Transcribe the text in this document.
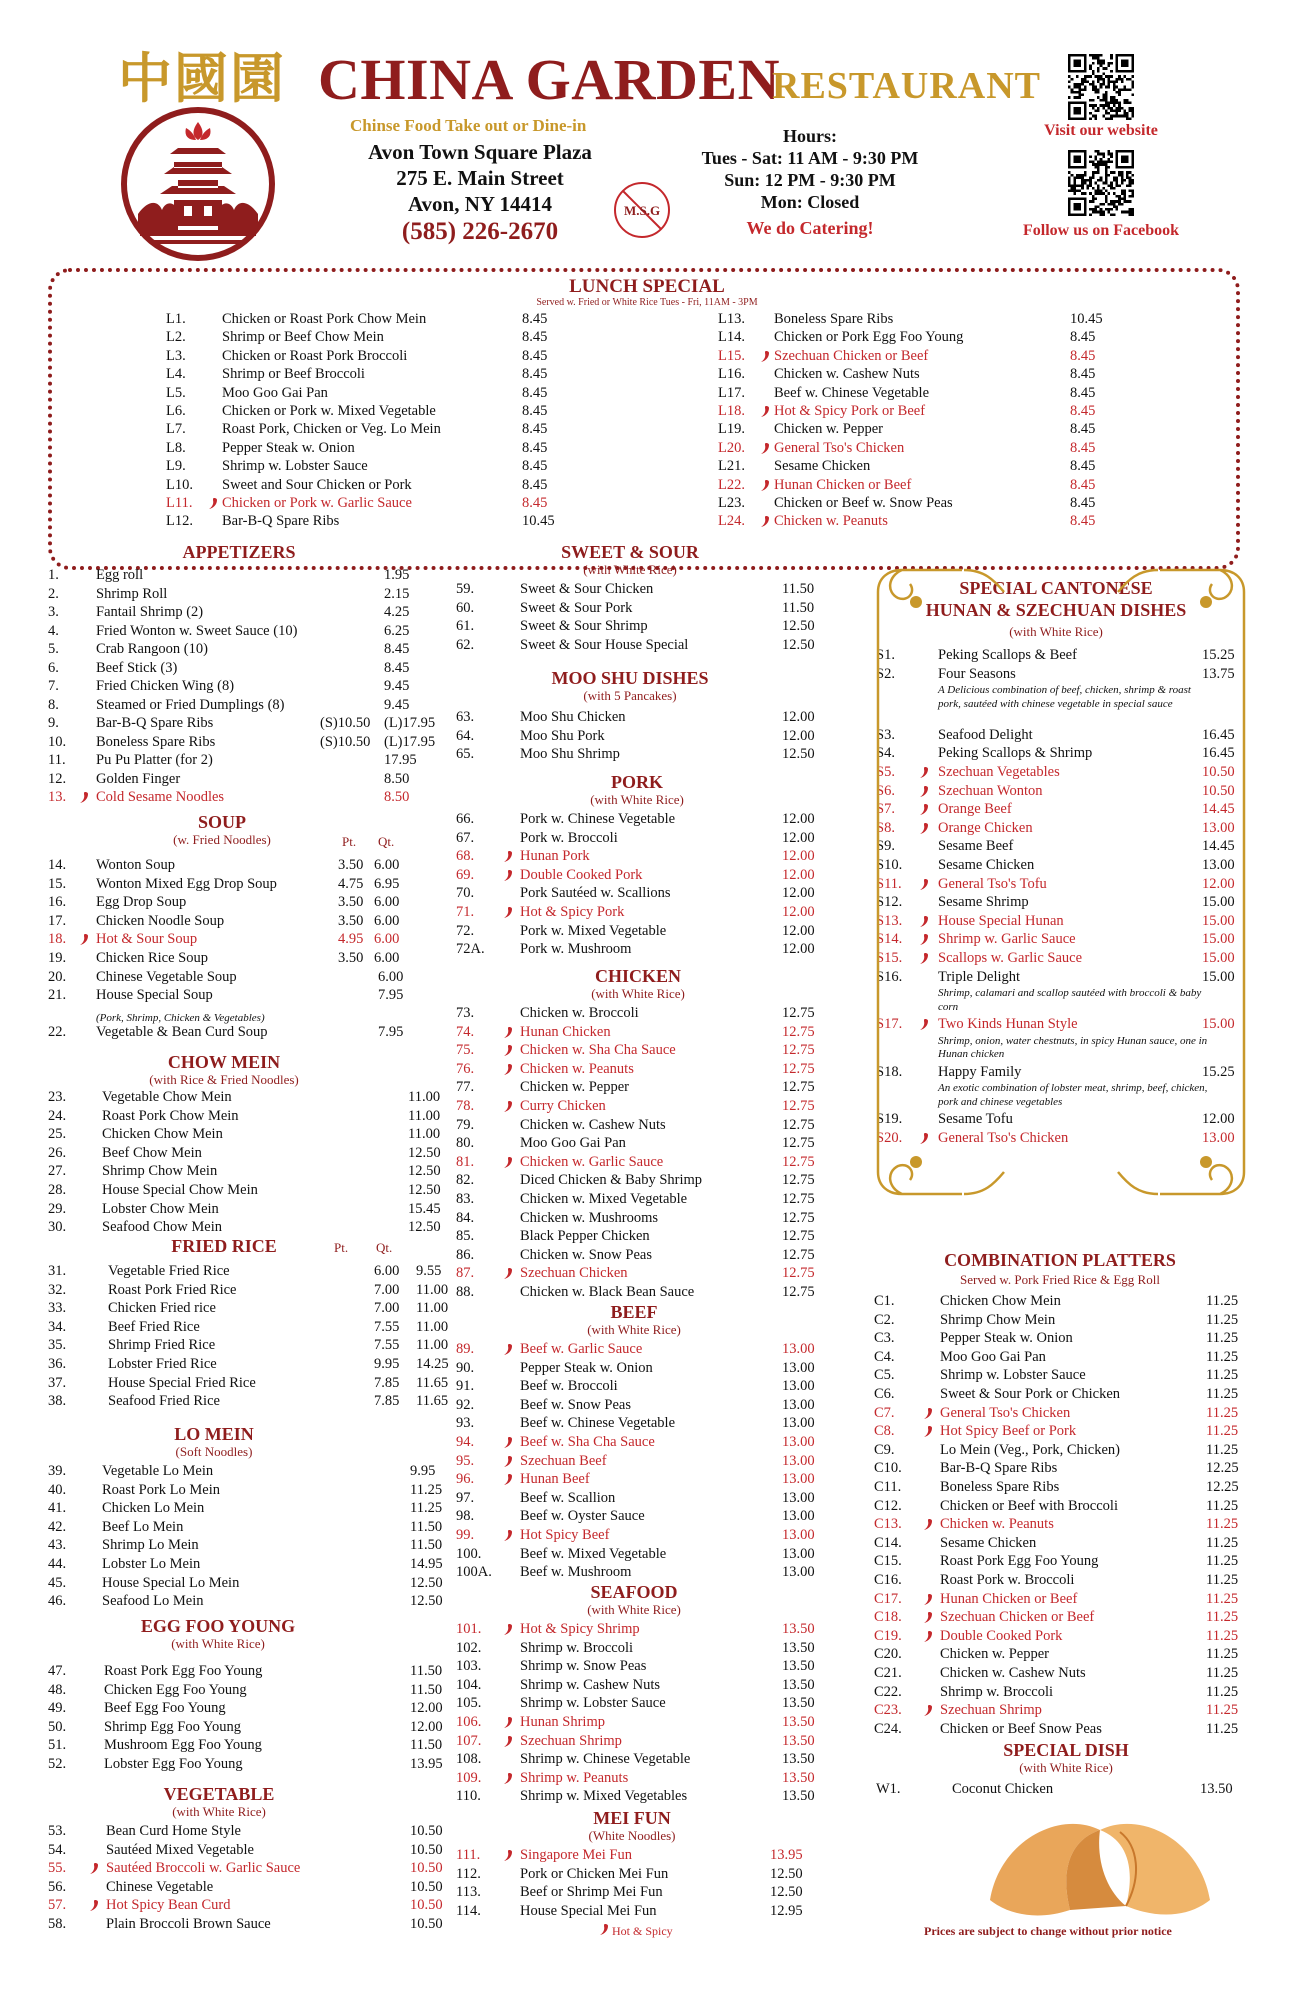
中國園 CHINA GARDEN
RESTAURANT
Chinse Food Take out or Dine-in
Avon Town Square Plaza
275 E. Main Street
Avon, NY 14414
(585) 226-2670
M.S.G
Hours:
Tues - Sat: 11 AM - 9:30 PM
Sun: 12 PM - 9:30 PM
Mon: Closed
We do Catering!
Visit our website
Follow us on Facebook
LUNCH SPECIAL
Served w. Fried or White Rice Tues - Fri, 11AM - 3PM
L1.	Chicken or Roast Pork Chow Mein	8.45
L2.	Shrimp or Beef Chow Mein	8.45
L3.	Chicken or Roast Pork Broccoli	8.45
L4.	Shrimp or Beef Broccoli	8.45
L5.	Moo Goo Gai Pan	8.45
L6.	Chicken or Pork w. Mixed Vegetable	8.45
L7.	Roast Pork, Chicken or Veg. Lo Mein	8.45
L8.	Pepper Steak w. Onion	8.45
L9.	Shrimp w. Lobster Sauce	8.45
L10. Sweet and Sour Chicken or Pork	8.45
L11. Chicken or Pork w. Garlic Sauce	8.45
L12. Bar-B-Q Spare Ribs	10.45
L13. Boneless Spare Ribs	10.45
L14. Chicken or Pork Egg Foo Young	8.45
L15. Szechuan Chicken or Beef	8.45
L16. Chicken w. Cashew Nuts	8.45
L17. Beef w. Chinese Vegetable	8.45
L18. Hot & Spicy Pork or Beef	8.45
L19. Chicken w. Pepper	8.45
L20. General Tso's Chicken	8.45
L21. Sesame Chicken	8.45
L22. Hunan Chicken or Beef	8.45
L23. Chicken or Beef w. Snow Peas	8.45
L24. Chicken w. Peanuts	8.45
APPETIZERS
1.	Egg roll	1.95
2.	Shrimp Roll	2.15
3.	Fantail Shrimp (2)	4.25
4.	Fried Wonton w. Sweet Sauce (10)	6.25
5.	Crab Rangoon (10)	8.45
6.	Beef Stick (3)	8.45
7.	Fried Chicken Wing (8)	9.45
8.	Steamed or Fried Dumplings (8)	9.45
9.	Bar-B-Q Spare Ribs	(S)10.50 (L)17.95
10. Boneless Spare Ribs	(S)10.50 (L)17.95
11. Pu Pu Platter (for 2)	17.95
12. Golden Finger	8.50
13. Cold Sesame Noodles	8.50
SOUP
(w. Fried Noodles)	Pt. Qt.
14. Wonton Soup	3.50 6.00
15. Wonton Mixed Egg Drop Soup	4.75 6.95
16. Egg Drop Soup	3.50 6.00
17. Chicken Noodle Soup	3.50 6.00
18. Hot & Sour Soup	4.95 6.00
19. Chicken Rice Soup	3.50 6.00
20. Chinese Vegetable Soup	6.00
21. House Special Soup	7.95
22. Vegetable & Bean Curd Soup	7.95
(Pork, Shrimp, Chicken & Vegetables)
CHOW MEIN
(with Rice & Fried Noodles)
23. Vegetable Chow Mein	11.00
24. Roast Pork Chow Mein	11.00
25. Chicken Chow Mein	11.00
26. Beef Chow Mein	12.50
27. Shrimp Chow Mein	12.50
28. House Special Chow Mein	12.50
29. Lobster Chow Mein	15.45
30. Seafood Chow Mein	12.50
FRIED RICE	Pt. Qt.
31.	Vegetable Fried Rice	6.00 9.55
32.	Roast Pork Fried Rice	7.00 11.00
33.	Chicken Fried rice	7.00 11.00
34.	Beef Fried Rice	7.55 11.00
35.	Shrimp Fried Rice	7.55 11.00
36.	Lobster Fried Rice	9.95 14.25
37.	House Special Fried Rice	7.85 11.65
38.	Seafood Fried Rice	7.85 11.65
LO MEIN
(Soft Noodles)
39. Vegetable Lo Mein	9.95
40. Roast Pork Lo Mein	11.25
41. Chicken Lo Mein	11.25
42. Beef Lo Mein	11.50
43. Shrimp Lo Mein	11.50
44. Lobster Lo Mein	14.95
45. House Special Lo Mein	12.50
46. Seafood Lo Mein	12.50
EGG FOO YOUNG
(with White Rice)
47.	Roast Pork Egg Foo Young	11.50
48.	Chicken Egg Foo Young	11.50
49.	Beef Egg Foo Young	12.00
50.	Shrimp Egg Foo Young	12.00
51.	Mushroom Egg Foo Young	11.50
52.	Lobster Egg Foo Young	13.95
VEGETABLE
(with White Rice)
53.	Bean Curd Home Style	10.50
54.	Sautéed Mixed Vegetable	10.50
55.	Sautéed Broccoli w. Garlic Sauce	10.50
56.	Chinese Vegetable	10.50
57.	Hot Spicy Bean Curd	10.50
58.	Plain Broccoli Brown Sauce	10.50
SWEET & SOUR
(with White Rice)
59.	Sweet & Sour Chicken	11.50
60.	Sweet & Sour Pork	11.50
61.	Sweet & Sour Shrimp	12.50
62.	Sweet & Sour House Special	12.50
MOO SHU DISHES
(with 5 Pancakes)
63.	Moo Shu Chicken	12.00
64.	Moo Shu Pork	12.00
65.	Moo Shu Shrimp	12.50
PORK
(with White Rice)
66.	Pork w. Chinese Vegetable	12.00
67.	Pork w. Broccoli	12.00
68.	Hunan Pork	12.00
69.	Double Cooked Pork	12.00
70.	Pork Sautéed w. Scallions	12.00
71.	Hot & Spicy Pork	12.00
72.	Pork w. Mixed Vegetable	12.00
72A. Pork w. Mushroom	12.00
CHICKEN
(with White Rice)
73.	Chicken w. Broccoli	12.75
74.	Hunan Chicken	12.75
75.	Chicken w. Sha Cha Sauce	12.75
76.	Chicken w. Peanuts	12.75
77.	Chicken w. Pepper	12.75
78.	Curry Chicken	12.75
79.	Chicken w. Cashew Nuts	12.75
80.	Moo Goo Gai Pan	12.75
81.	Chicken w. Garlic Sauce	12.75
82.	Diced Chicken & Baby Shrimp	12.75
83.	Chicken w. Mixed Vegetable	12.75
84.	Chicken w. Mushrooms	12.75
85.	Black Pepper Chicken	12.75
86.	Chicken w. Snow Peas	12.75
87.	Szechuan Chicken	12.75
88.	Chicken w. Black Bean Sauce	12.75
BEEF
(with White Rice)
89.	Beef w. Garlic Sauce	13.00
90.	Pepper Steak w. Onion	13.00
91.	Beef w. Broccoli	13.00
92.	Beef w. Snow Peas	13.00
93.	Beef w. Chinese Vegetable	13.00
94.	Beef w. Sha Cha Sauce	13.00
95.	Szechuan Beef	13.00
96.	Hunan Beef	13.00
97.	Beef w. Scallion	13.00
98.	Beef w. Oyster Sauce	13.00
99.	Hot Spicy Beef	13.00
100.	Beef w. Mixed Vegetable	13.00
100A. Beef w. Mushroom	13.00
SEAFOOD
(with White Rice)
101.	Hot & Spicy Shrimp	13.50
102.	Shrimp w. Broccoli	13.50
103.	Shrimp w. Snow Peas	13.50
104.	Shrimp w. Cashew Nuts	13.50
105.	Shrimp w. Lobster Sauce	13.50
106.	Hunan Shrimp	13.50
107.	Szechuan Shrimp	13.50
108.	Shrimp w. Chinese Vegetable	13.50
109.	Shrimp w. Peanuts	13.50
110.	Shrimp w. Mixed Vegetables	13.50
MEI FUN
(White Noodles)
111.	Singapore Mei Fun	13.95
112.	Pork or Chicken Mei Fun	12.50
113.	Beef or Shrimp Mei Fun	12.50
114.	House Special Mei Fun	12.95
SPECIAL CANTONESE
HUNAN & SZECHUAN DISHES
(with White Rice)
S1.	Peking Scallops & Beef	15.25
S2.	Four Seasons	13.75
A Delicious combination of beef, chicken, shrimp & roast pork, sautéed with chinese vegetable in special sauce
S3.	Seafood Delight	16.45
S4.	Peking Scallops & Shrimp	16.45
S5.	Szechuan Vegetables	10.50
S6.	Szechuan Wonton	10.50
S7.	Orange Beef	14.45
S8.	Orange Chicken	13.00
S9.	Sesame Beef	14.45
S10. Sesame Chicken	13.00
S11.	General Tso's Tofu	12.00
S12. Sesame Shrimp	15.00
S13. House Special Hunan	15.00
S14. Shrimp w. Garlic Sauce	15.00
S15. Scallops w. Garlic Sauce	15.00
S16. Triple Delight	15.00
Shrimp, calamari and scallop sautéed with broccoli & baby corn
S17. Two Kinds Hunan Style	15.00
Shrimp, onion, water chestnuts, in spicy Hunan sauce, one in Hunan chicken
S18. Happy Family	15.25
An exotic combination of lobster meat, shrimp, beef, chicken, pork and chinese vegetables
S19. Sesame Tofu	12.00
S20. General Tso's Chicken	13.00
COMBINATION PLATTERS
Served w. Pork Fried Rice & Egg Roll
C1.	Chicken Chow Mein	11.25
C2.	Shrimp Chow Mein	11.25
C3.	Pepper Steak w. Onion	11.25
C4.	Moo Goo Gai Pan	11.25
C5.	Shrimp w. Lobster Sauce	11.25
C6.	Sweet & Sour Pork or Chicken	11.25
C7.	General Tso's Chicken	11.25
C8.	Hot Spicy Beef or Pork	11.25
C9.	Lo Mein (Veg., Pork, Chicken)	11.25
C10.	Bar-B-Q Spare Ribs	12.25
C11.	Boneless Spare Ribs	12.25
C12.	Chicken or Beef with Broccoli	11.25
C13.	Chicken w. Peanuts	11.25
C14.	Sesame Chicken	11.25
C15.	Roast Pork Egg Foo Young	11.25
C16.	Roast Pork w. Broccoli	11.25
C17.	Hunan Chicken or Beef	11.25
C18.	Szechuan Chicken or Beef	11.25
C19.	Double Cooked Pork	11.25
C20.	Chicken w. Pepper	11.25
C21.	Chicken w. Cashew Nuts	11.25
C22.	Shrimp w. Broccoli	11.25
C23.	Szechuan Shrimp	11.25
C24.	Chicken or Beef Snow Peas	11.25
SPECIAL DISH
(with White Rice)
W1.	Coconut Chicken	13.50
Hot & Spicy	Prices are subject to change without prior notice
